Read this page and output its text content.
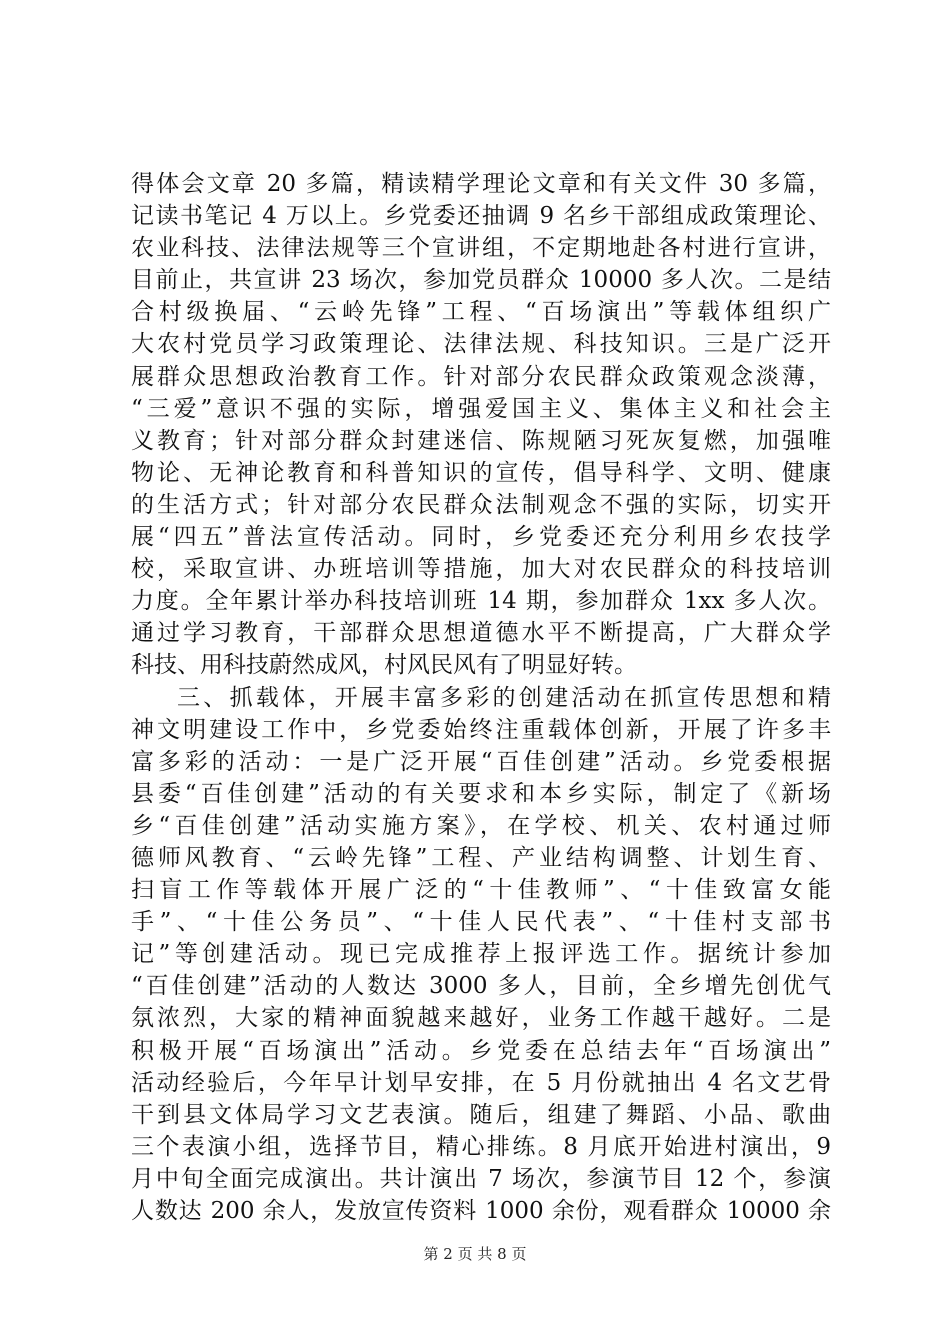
得体会文章 20 多篇，精读精学理论文章和有关文件 30 多篇，
记读书笔记 4 万以上。乡党委还抽调 9 名乡干部组成政策理论、
农业科技、法律法规等三个宣讲组，不定期地赴各村进行宣讲，
目前止，共宣讲 23 场次，参加党员群众 10000 多人次。二是结
合村级换届、“云岭先锋”工程、“百场演出”等载体组织广
大农村党员学习政策理论、法律法规、科技知识。三是广泛开
展群众思想政治教育工作。针对部分农民群众政策观念淡薄，
“三爱”意识不强的实际，增强爱国主义、集体主义和社会主
义教育；针对部分群众封建迷信、陈规陋习死灰复燃，加强唯
物论、无神论教育和科普知识的宣传，倡导科学、文明、健康
的生活方式；针对部分农民群众法制观念不强的实际，切实开
展“四五”普法宣传活动。同时，乡党委还充分利用乡农技学
校，采取宣讲、办班培训等措施，加大对农民群众的科技培训
力度。全年累计举办科技培训班 14 期，参加群众 1xx 多人次。
通过学习教育，干部群众思想道德水平不断提高，广大群众学
科技、用科技蔚然成风，村风民风有了明显好转。
三、抓载体，开展丰富多彩的创建活动在抓宣传思想和精
神文明建设工作中，乡党委始终注重载体创新，开展了许多丰
富多彩的活动：一是广泛开展“百佳创建”活动。乡党委根据
县委“百佳创建”活动的有关要求和本乡实际，制定了《新场
乡“百佳创建”活动实施方案》，在学校、机关、农村通过师
德师风教育、“云岭先锋”工程、产业结构调整、计划生育、
扫盲工作等载体开展广泛的“十佳教师”、“十佳致富女能
手”、“十佳公务员”、“十佳人民代表”、“十佳村支部书
记”等创建活动。现已完成推荐上报评选工作。据统计参加
“百佳创建”活动的人数达 3000 多人，目前，全乡增先创优气
氛浓烈，大家的精神面貌越来越好，业务工作越干越好。二是
积极开展“百场演出”活动。乡党委在总结去年“百场演出”
活动经验后，今年早计划早安排，在 5 月份就抽出 4 名文艺骨
干到县文体局学习文艺表演。随后，组建了舞蹈、小品、歌曲
三个表演小组，选择节目，精心排练。8 月底开始进村演出，9
月中旬全面完成演出。共计演出 7 场次，参演节目 12 个，参演
人数达 200 余人，发放宣传资料 1000 余份，观看群众 10000 余
第 2 页 共 8 页
